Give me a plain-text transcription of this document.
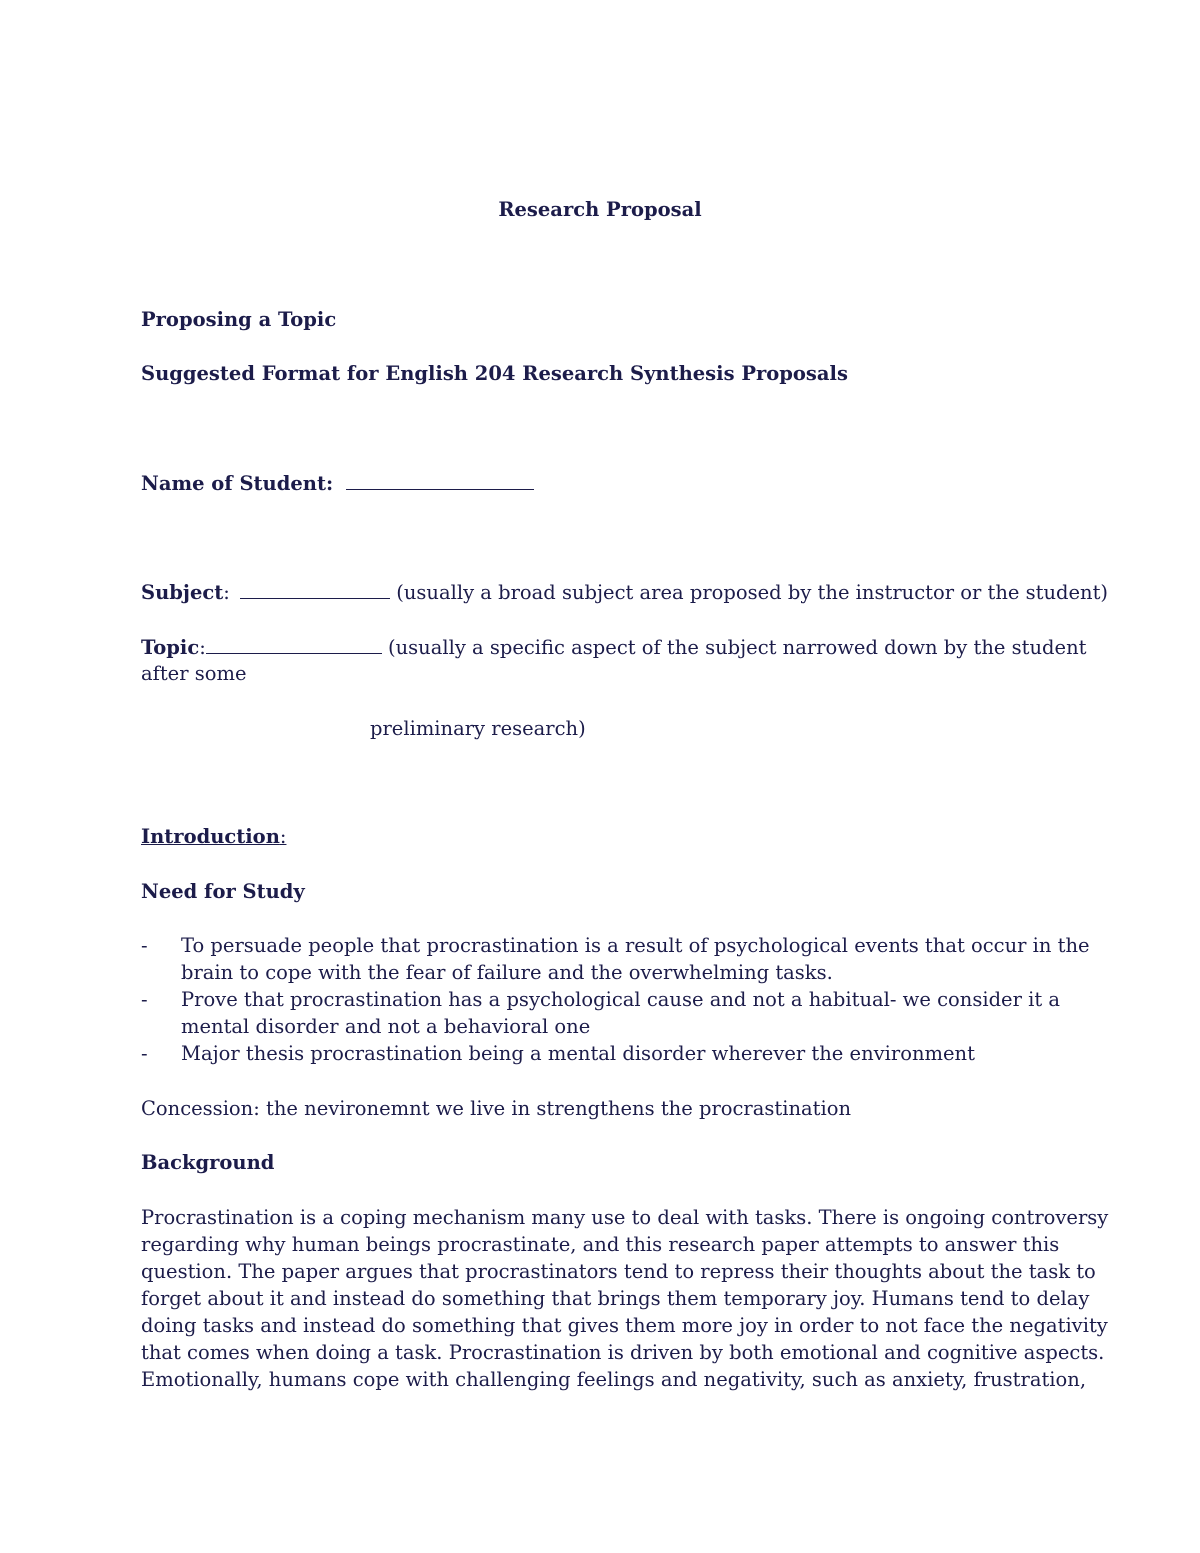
Research Proposal
Proposing a Topic
Suggested Format for English 204 Research Synthesis Proposals
Name of Student:
Subject:	(usually a broad subject area proposed by the instructor or the student)
Topic:	(usually a specific aspect of the subject narrowed down by the student
after some
preliminary research)
Introduction:
Need for Study
- To persuade people that procrastination is a result of psychological events that occur in the
brain to cope with the fear of failure and the overwhelming tasks.
- Prove that procrastination has a psychological cause and not a habitual- we consider it a
mental disorder and not a behavioral one
- Major thesis procrastination being a mental disorder wherever the environment
Concession: the nevironemnt we live in strengthens the procrastination
Background
Procrastination is a coping mechanism many use to deal with tasks. There is ongoing controversy
regarding why human beings procrastinate, and this research paper attempts to answer this
question. The paper argues that procrastinators tend to repress their thoughts about the task to
forget about it and instead do something that brings them temporary joy. Humans tend to delay
doing tasks and instead do something that gives them more joy in order to not face the negativity
that comes when doing a task. Procrastination is driven by both emotional and cognitive aspects.
Emotionally, humans cope with challenging feelings and negativity, such as anxiety, frustration,
